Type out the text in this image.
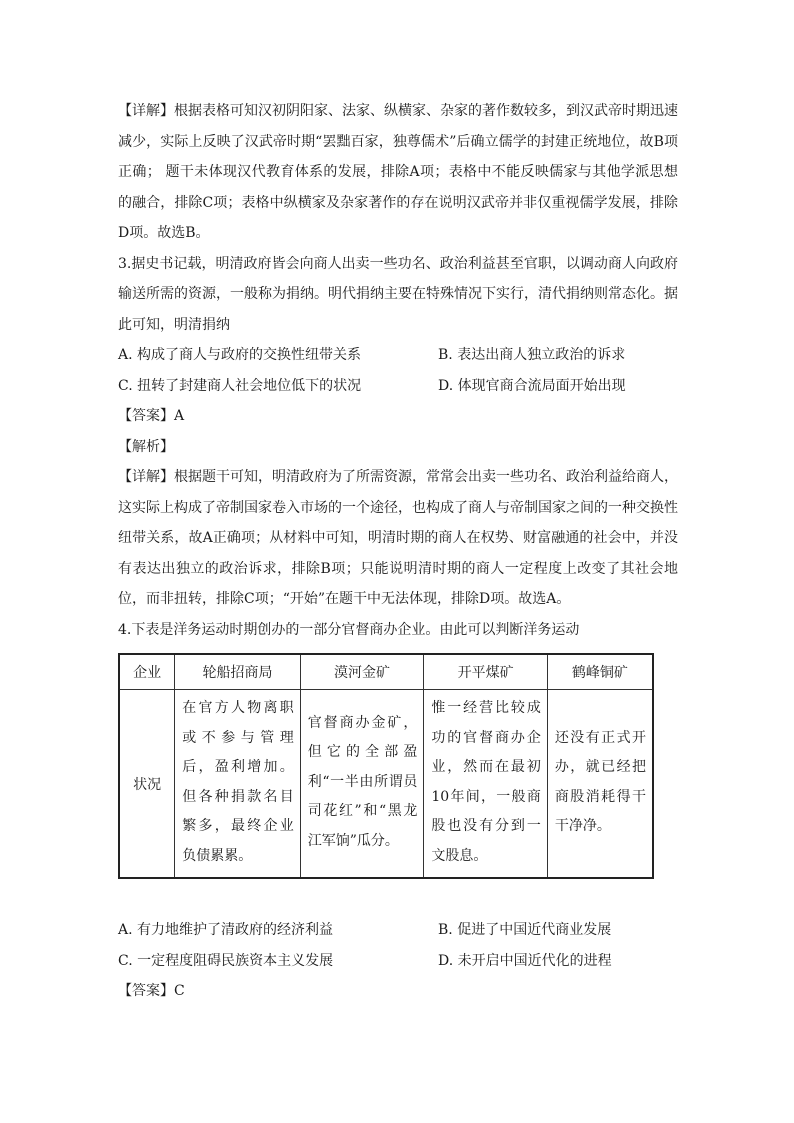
【详解】根据表格可知汉初阴阳家、法家、纵横家、杂家的著作数较多，到汉武帝时期迅速减少，实际上反映了汉武帝时期“罢黜百家，独尊儒术”后确立儒学的封建正统地位，故B项正确； 题干未体现汉代教育体系的发展，排除A项；表格中不能反映儒家与其他学派思想的融合，排除C项；表格中纵横家及杂家著作的存在说明汉武帝并非仅重视儒学发展，排除D项。故选B。

3.据史书记载，明清政府皆会向商人出卖一些功名、政治利益甚至官职，以调动商人向政府输送所需的资源，一般称为捐纳。明代捐纳主要在特殊情况下实行，清代捐纳则常态化。据此可知，明清捐纳

A. 构成了商人与政府的交换性纽带关系	B. 表达出商人独立政治的诉求
C. 扭转了封建商人社会地位低下的状况	D. 体现官商合流局面开始出现

【答案】A

【解析】

【详解】根据题干可知，明清政府为了所需资源，常常会出卖一些功名、政治利益给商人，这实际上构成了帝制国家卷入市场的一个途径，也构成了商人与帝制国家之间的一种交换性纽带关系，故A正确项；从材料中可知，明清时期的商人在权势、财富融通的社会中，并没有表达出独立的政治诉求，排除B项；只能说明清时期的商人一定程度上改变了其社会地位，而非扭转，排除C项；“开始”在题干中无法体现，排除D项。故选A。

4.下表是洋务运动时期创办的一部分官督商办企业。由此可以判断洋务运动

企业	轮船招商局	漠河金矿	开平煤矿	鹤峰铜矿
状况	在官方人物离职或不参与管理后，盈利增加。但各种捐款名目繁多，最终企业负债累累。	官督商办金矿，但它的全部盈利“一半由所谓员司花红”和“黑龙江军饷”瓜分。	惟一经营比较成功的官督商办企业，然而在最初10年间，一般商股也没有分到一文股息。	还没有正式开办，就已经把商股消耗得干干净净。
A. 有力地维护了清政府的经济利益	B. 促进了中国近代商业发展
C. 一定程度阻碍民族资本主义发展	D. 未开启中国近代化的进程

【答案】C
